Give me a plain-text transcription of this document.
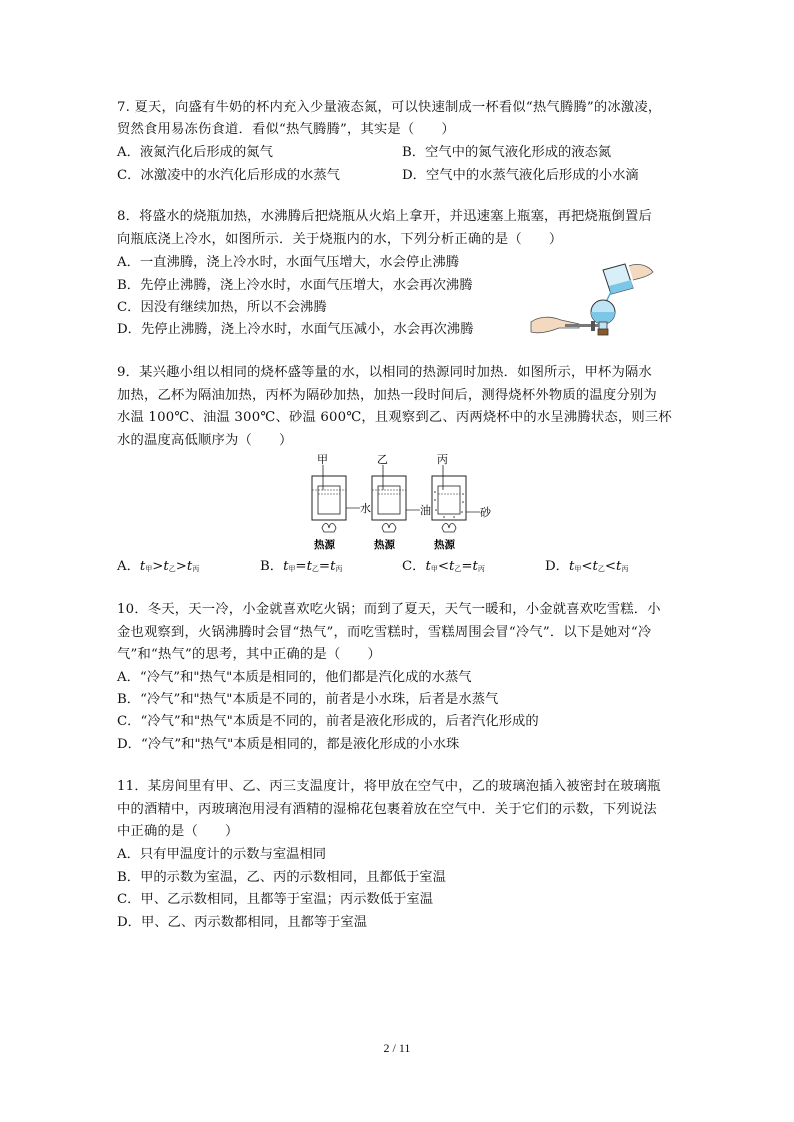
7. 夏天，向盛有牛奶的杯内充入少量液态氮，可以快速制成一杯看似“热气腾腾”的冰激凌，
贸然食用易冻伤食道．看似“热气腾腾”，其实是（　　）
A．液氮汽化后形成的氮气	B．空气中的氮气液化形成的液态氮
C．冰激凌中的水汽化后形成的水蒸气	D．空气中的水蒸气液化后形成的小水滴
8．将盛水的烧瓶加热，水沸腾后把烧瓶从火焰上拿开，并迅速塞上瓶塞，再把烧瓶倒置后
向瓶底浇上冷水，如图所示．关于烧瓶内的水，下列分析正确的是（　　）
A．一直沸腾，浇上冷水时，水面气压增大，水会停止沸腾
B．先停止沸腾，浇上冷水时，水面气压增大，水会再次沸腾
C．因没有继续加热，所以不会沸腾
D．先停止沸腾，浇上冷水时，水面气压减小，水会再次沸腾
9．某兴趣小组以相同的烧杯盛等量的水，以相同的热源同时加热．如图所示，甲杯为隔水
加热，乙杯为隔油加热，丙杯为隔砂加热，加热一段时间后，测得烧杯外物质的温度分别为
水温 100℃、油温 300℃、砂温 600℃，且观察到乙、丙两烧杯中的水呈沸腾状态，则三杯
水的温度高低顺序为（　　）
甲
水
热源
乙
油
热源
丙
砂
热源
A．t甲>t乙>t丙	B．t甲=t乙=t丙	C．t甲<t乙=t丙	D．t甲<t乙<t丙
10．冬天，天一冷，小金就喜欢吃火锅；而到了夏天，天气一暖和，小金就喜欢吃雪糕．小
金也观察到，火锅沸腾时会冒“热气”，而吃雪糕时，雪糕周围会冒“冷气”．以下是她对“冷
气”和“热气”的思考，其中正确的是（　　）
A．“冷气”和"热气"本质是相同的，他们都是汽化成的水蒸气
B．“冷气”和"热气"本质是不同的，前者是小水珠，后者是水蒸气
C．“冷气”和"热气"本质是不同的，前者是液化形成的，后者汽化形成的
D．“冷气”和"热气"本质是相同的，都是液化形成的小水珠
11．某房间里有甲、乙、丙三支温度计，将甲放在空气中，乙的玻璃泡插入被密封在玻璃瓶
中的酒精中，丙玻璃泡用浸有酒精的湿棉花包裹着放在空气中．关于它们的示数，下列说法
中正确的是（　　）
A．只有甲温度计的示数与室温相同
B．甲的示数为室温，乙、丙的示数相同，且都低于室温
C．甲、乙示数相同，且都等于室温；丙示数低于室温
D．甲、乙、丙示数都相同，且都等于室温
2 / 11
